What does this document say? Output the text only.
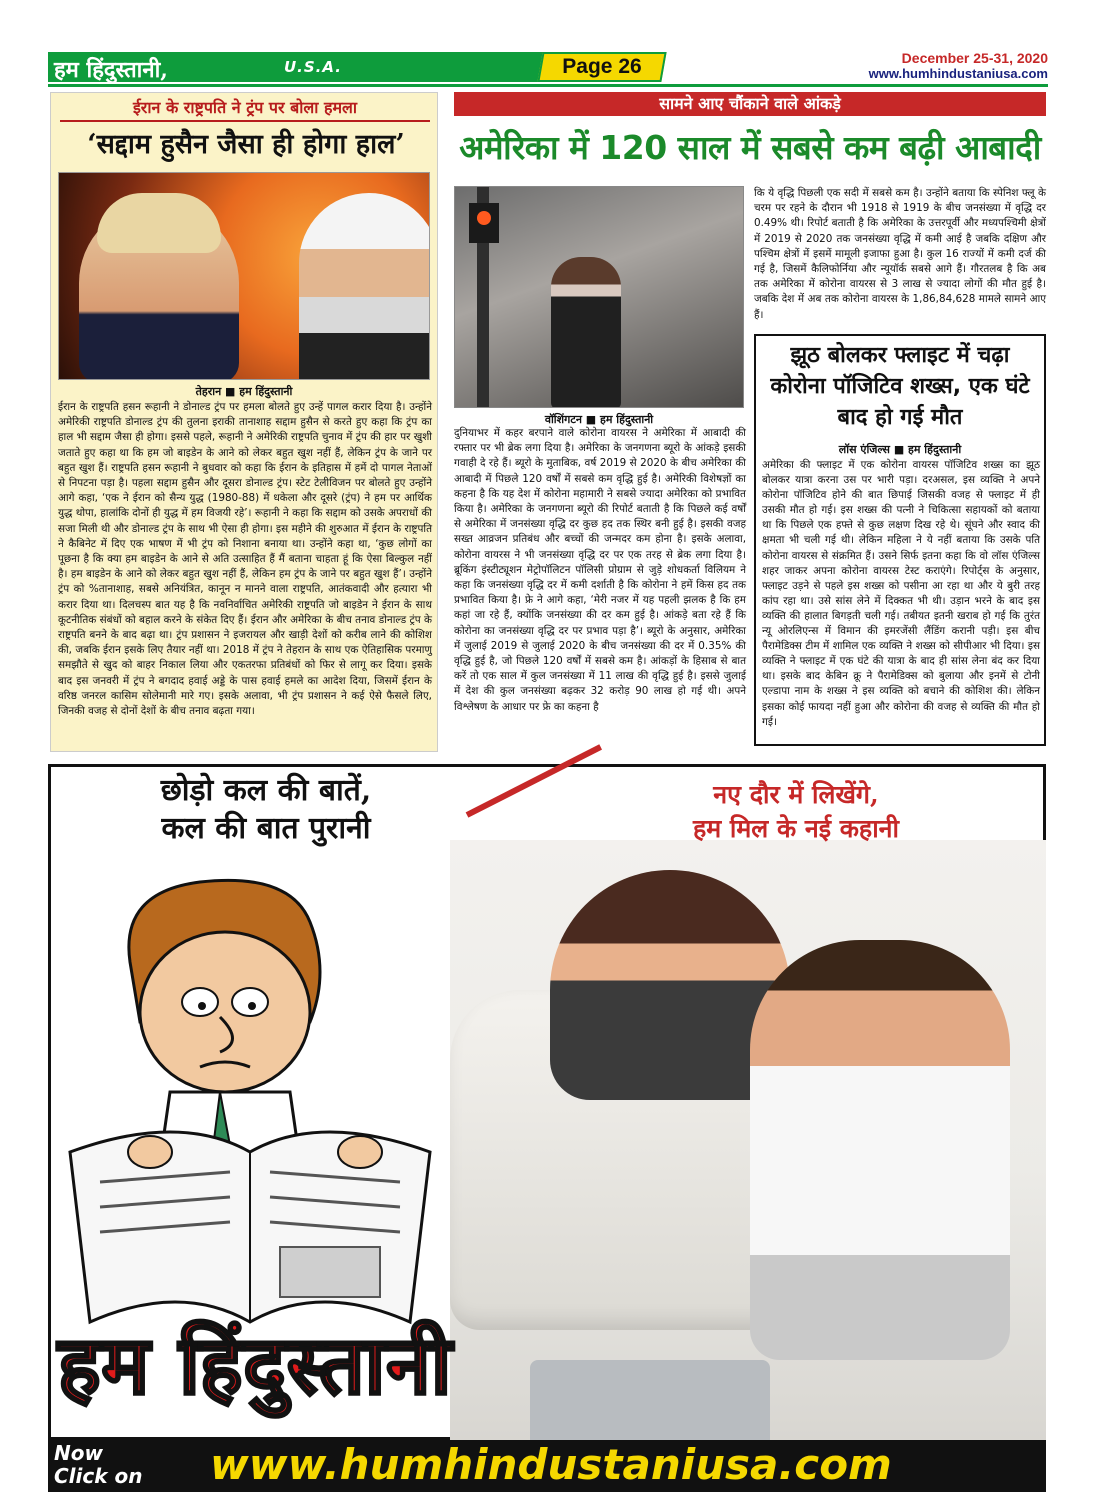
हम हिंदुस्तानी,	U.S.A.	Page 26	December 25-31, 2020
www.humhindustaniusa.com
ईरान के राष्ट्रपति ने ट्रंप पर बोला हमला
‘सद्दाम हुसैन जैसा ही होगा हाल’
तेहरान ■ हम हिंदुस्तानी
ईरान के राष्ट्रपति हसन रूहानी ने डोनाल्ड ट्रंप पर हमला बोलते हुए उन्हें पागल करार दिया है। उन्होंने अमेरिकी राष्ट्रपति डोनाल्ड ट्रंप की तुलना इराकी तानाशाह सद्दाम हुसैन से करते हुए कहा कि ट्रंप का हाल भी सद्दाम जैसा ही होगा। इससे पहले, रूहानी ने अमेरिकी राष्ट्रपति चुनाव में ट्रंप की हार पर खुशी जताते हुए कहा था कि हम जो बाइडेन के आने को लेकर बहुत खुश नहीं हैं, लेकिन ट्रंप के जाने पर बहुत खुश हैं। राष्ट्रपति हसन रूहानी ने बुधवार को कहा कि ईरान के इतिहास में हमें दो पागल नेताओं से निपटना पड़ा है। पहला सद्दाम हुसैन और दूसरा डोनाल्ड ट्रंप। स्टेट टेलीविजन पर बोलते हुए उन्होंने आगे कहा, ‘एक ने ईरान को सैन्य युद्ध (1980-88) में धकेला और दूसरे (ट्रंप) ने हम पर आर्थिक युद्ध थोपा, हालांकि दोनों ही युद्ध में हम विजयी रहे’। रूहानी ने कहा कि सद्दाम को उसके अपराधों की सजा मिली थी और डोनाल्ड ट्रंप के साथ भी ऐसा ही होगा। इस महीने की शुरुआत में ईरान के राष्ट्रपति ने कैबिनेट में दिए एक भाषण में भी ट्रंप को निशाना बनाया था। उन्होंने कहा था, ‘कुछ लोगों का पूछना है कि क्या हम बाइडेन के आने से अति उत्साहित हैं मैं बताना चाहता हूं कि ऐसा बिल्कुल नहीं है। हम बाइडेन के आने को लेकर बहुत खुश नहीं हैं, लेकिन हम ट्रंप के जाने पर बहुत खुश हैं’। उन्होंने ट्रंप को %तानाशाह, सबसे अनियंत्रित, कानून न मानने वाला राष्ट्रपति, आतंकवादी और हत्यारा भी करार दिया था। दिलचस्प बात यह है कि नवनिर्वाचित अमेरिकी राष्ट्रपति जो बाइडेन ने ईरान के साथ कूटनीतिक संबंधों को बहाल करने के संकेत दिए हैं। ईरान और अमेरिका के बीच तनाव डोनाल्ड ट्रंप के राष्ट्रपति बनने के बाद बढ़ा था। ट्रंप प्रशासन ने इजरायल और खाड़ी देशों को करीब लाने की कोशिश की, जबकि ईरान इसके लिए तैयार नहीं था। 2018 में ट्रंप ने तेहरान के साथ एक ऐतिहासिक परमाणु समझौते से खुद को बाहर निकाल लिया और एकतरफा प्रतिबंधों को फिर से लागू कर दिया। इसके बाद इस जनवरी में ट्रंप ने बगदाद हवाई अड्डे के पास हवाई हमले का आदेश दिया, जिसमें ईरान के वरिष्ठ जनरल कासिम सोलेमानी मारे गए। इसके अलावा, भी ट्रंप प्रशासन ने कई ऐसे फैसले लिए, जिनकी वजह से दोनों देशों के बीच तनाव बढ़ता गया।
सामने आए चौंकाने वाले आंकड़े
अमेरिका में 120 साल में सबसे कम बढ़ी आबादी
वॉशिंगटन ■ हम हिंदुस्तानी
दुनियाभर में कहर बरपाने वाले कोरोना वायरस ने अमेरिका में आबादी की रफ्तार पर भी ब्रेक लगा दिया है। अमेरिका के जनगणना ब्यूरो के आंकड़े इसकी गवाही दे रहे हैं। ब्यूरो के मुताबिक, वर्ष 2019 से 2020 के बीच अमेरिका की आबादी में पिछले 120 वर्षों में सबसे कम वृद्धि हुई है। अमेरिकी विशेषज्ञों का कहना है कि यह देश में कोरोना महामारी ने सबसे ज्यादा अमेरिका को प्रभावित किया है। अमेरिका के जनगणना ब्यूरो की रिपोर्ट बताती है कि पिछले कई वर्षों से अमेरिका में जनसंख्या वृद्धि दर कुछ हद तक स्थिर बनी हुई है। इसकी वजह सख्त आव्रजन प्रतिबंध और बच्चों की जन्मदर कम होना है। इसके अलावा, कोरोना वायरस ने भी जनसंख्या वृद्धि दर पर एक तरह से ब्रेक लगा दिया है। ब्रूकिंग इंस्टीट्यूशन मेट्रोपॉलिटन पॉलिसी प्रोग्राम से जुड़े शोधकर्ता विलियम ने कहा कि जनसंख्या वृद्धि दर में कमी दर्शाती है कि कोरोना ने हमें किस हद तक प्रभावित किया है। फ्रे ने आगे कहा, ‘मेरी नजर में यह पहली झलक है कि हम कहां जा रहे हैं, क्योंकि जनसंख्या की दर कम हुई है। आंकड़े बता रहे हैं कि कोरोना का जनसंख्या वृद्धि दर पर प्रभाव पड़ा है’। ब्यूरो के अनुसार, अमेरिका में जुलाई 2019 से जुलाई 2020 के बीच जनसंख्या की दर में 0.35% की वृद्धि हुई है, जो पिछले 120 वर्षों में सबसे कम है। आंकड़ों के हिसाब से बात करें तो एक साल में कुल जनसंख्या में 11 लाख की वृद्धि हुई है। इससे जुलाई में देश की कुल जनसंख्या बढ़कर 32 करोड़ 90 लाख हो गई थी। अपने विश्लेषण के आधार पर फ्रे का कहना है
कि ये वृद्धि पिछली एक सदी में सबसे कम है। उन्होंने बताया कि स्पेनिश फ्लू के चरम पर रहने के दौरान भी 1918 से 1919 के बीच जनसंख्या में वृद्धि दर 0.49% थी। रिपोर्ट बताती है कि अमेरिका के उत्तरपूर्वी और मध्यपश्चिमी क्षेत्रों में 2019 से 2020 तक जनसंख्या वृद्धि में कमी आई है जबकि दक्षिण और पश्चिम क्षेत्रों में इसमें मामूली इजाफा हुआ है। कुल 16 राज्यों में कमी दर्ज की गई है, जिसमें कैलिफोर्निया और न्यूयॉर्क सबसे आगे हैं। गौरतलब है कि अब तक अमेरिका में कोरोना वायरस से 3 लाख से ज्यादा लोगों की मौत हुई है। जबकि देश में अब तक कोरोना वायरस के 1,86,84,628 मामले सामने आए हैं।
झूठ बोलकर फ्लाइट में चढ़ा कोरोना पॉजिटिव शख्स, एक घंटे बाद हो गई मौत
लॉस एंजिल्स ■ हम हिंदुस्तानी
अमेरिका की फ्लाइट में एक कोरोना वायरस पॉजिटिव शख्स का झूठ बोलकर यात्रा करना उस पर भारी पड़ा। दरअसल, इस व्यक्ति ने अपने कोरोना पॉजिटिव होने की बात छिपाई जिसकी वजह से फ्लाइट में ही उसकी मौत हो गई। इस शख्स की पत्नी ने चिकित्सा सहायकों को बताया था कि पिछले एक हफ्ते से कुछ लक्षण दिख रहे थे। सूंघने और स्वाद की क्षमता भी चली गई थी। लेकिन महिला ने ये नहीं बताया कि उसके पति कोरोना वायरस से संक्रमित हैं। उसने सिर्फ इतना कहा कि वो लॉस एंजिल्स शहर जाकर अपना कोरोना वायरस टेस्ट कराएंगे। रिपोर्ट्स के अनुसार, फ्लाइट उड़ने से पहले इस शख्स को पसीना आ रहा था और ये बुरी तरह कांप रहा था। उसे सांस लेने में दिक्कत भी थी। उड़ान भरने के बाद इस व्यक्ति की हालात बिगड़ती चली गई। तबीयत इतनी खराब हो गई कि तुरंत न्यू ओरलिएन्स में विमान की इमरजेंसी लैंडिंग करानी पड़ी। इस बीच पैरामेडिक्स टीम में शामिल एक व्यक्ति ने शख्स को सीपीआर भी दिया। इस व्यक्ति ने फ्लाइट में एक घंटे की यात्रा के बाद ही सांस लेना बंद कर दिया था। इसके बाद केबिन क्रू ने पैरामेडिक्स को बुलाया और इनमें से टोनी एल्डापा नाम के शख्स ने इस व्यक्ति को बचाने की कोशिश की। लेकिन इसका कोई फायदा नहीं हुआ और कोरोना की वजह से व्यक्ति की मौत हो गई।
छोड़ो कल की बातें,
कल की बात पुरानी
नए दौर में लिखेंगे,
हम मिल के नई कहानी
हम हिंदुस्तानी
Now
Click on	www.humhindustaniusa.com
